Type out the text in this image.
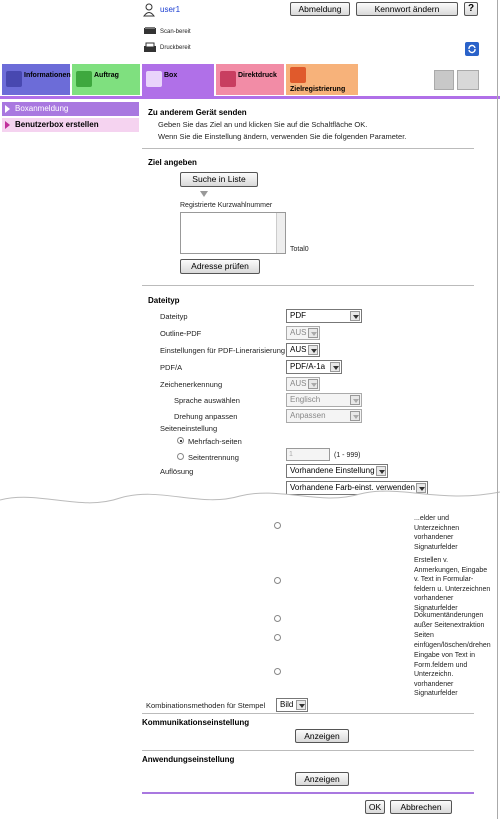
user1	Abmeldung	Kennwort ändern	?
Scan-bereit
Druckbereit
Informationen	Auftrag	Box	Direktdruck
Zielregistrierung
Boxanmeldung
Benutzerbox erstellen
Zu anderem Gerät senden
Geben Sie das Ziel an und klicken Sie auf die Schaltfläche OK.
Wenn Sie die Einstellung ändern, verwenden Sie die folgenden Parameter.
Ziel angeben
Suche in Liste
Registrierte Kurzwahlnummer
Total0
Adresse prüfen
Dateityp
Dateityp	PDF
Outline-PDF	AUS
Einstellungen für PDF-Linerarisierung AUS
PDF/A	PDF/A-1a
Zeichenerkennung	AUS
Sprache auswählen	Englisch
Drehung anpassen	Anpassen
Seiteneinstellung
Mehrfach-seiten
Seitentrennung	1	(1 - 999)
Auflösung	Vorhandene Einstellung
Vorhandene Farb-einst. verwenden
...elder und Unterzeichnen vorhandener Signaturfelder
Erstellen v. Anmerkungen, Eingabe v. Text in Formular-feldern u. Unterzeichnen vorhandener Signaturfelder
Dokumentänderungen außer Seitenextraktion
Seiten einfügen/löschen/drehen
Eingabe von Text in Form.feldern und Unterzeichn. vorhandener Signaturfelder
Kombinationsmethoden für Stempel	Bild
Kommunikationseinstellung
Anzeigen
Anwendungseinstellung
Anzeigen
OK	Abbrechen
